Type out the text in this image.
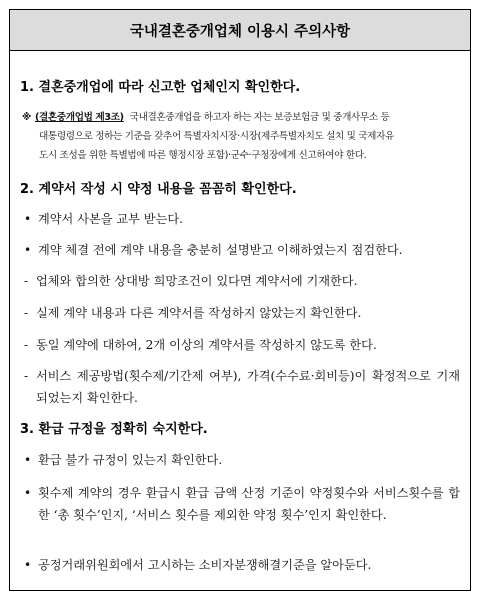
국내결혼중개업체 이용시 주의사항
1. 결혼중개업에 따라 신고한 업체인지 확인한다.
※ (결혼중개업법 제3조) 국내결혼중개업을 하고자 하는 자는 보증보험금 및 중개사무소 등
대통령령으로 정하는 기준을 갖추어 특별자치시장·시장(제주특별자치도 설치 및 국제자유
도시 조성을 위한 특별법에 따른 행정시장 포함)·군수·구청장에게 신고하여야 한다.
2. 계약서 작성 시 약정 내용을 꼼꼼히 확인한다.
• 계약서 사본을 교부 받는다.
• 계약 체결 전에 계약 내용을 충분히 설명받고 이해하였는지 점검한다.
- 업체와 합의한 상대방 희망조건이 있다면 계약서에 기재한다.
- 실제 계약 내용과 다른 계약서를 작성하지 않았는지 확인한다.
- 동일 계약에 대하여, 2개 이상의 계약서를 작성하지 않도록 한다.
- 서비스 제공방법(횟수제/기간제 여부), 가격(수수료·회비등)이 확정적으로 기재되었는지 확인한다.
3. 환급 규정을 정확히 숙지한다.
• 환급 불가 규정이 있는지 확인한다.
• 횟수제 계약의 경우 환급시 환급 금액 산정 기준이 약정횟수와 서비스횟수를 합한 ‘총 횟수’인지, ‘서비스 횟수를 제외한 약정 횟수’인지 확인한다.
• 공정거래위원회에서 고시하는 소비자분쟁해결기준을 알아둔다.
